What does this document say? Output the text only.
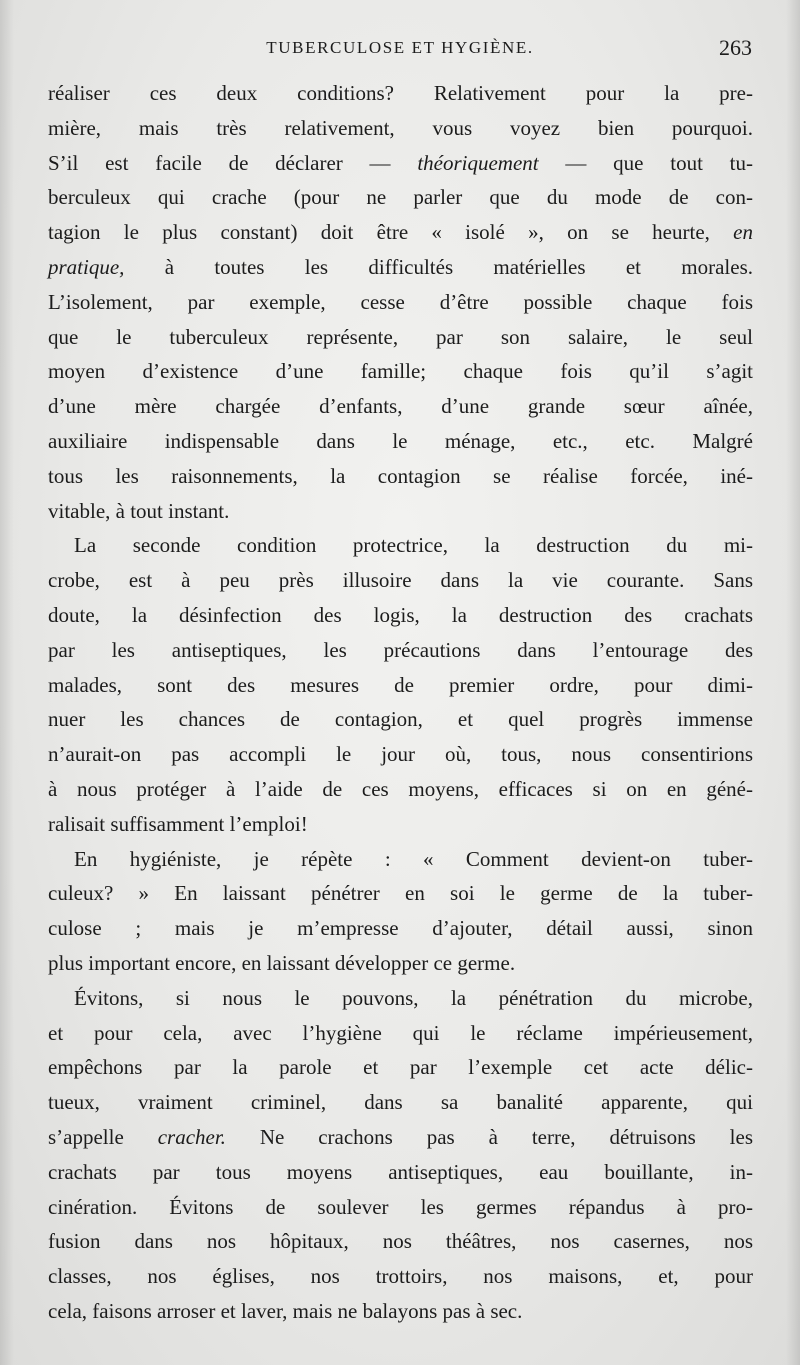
TUBERCULOSE ET HYGIÈNE.	263
réaliser ces deux conditions? Relativement pour la pre-
mière, mais très relativement, vous voyez bien pourquoi.
S’il est facile de déclarer — théoriquement — que tout tu-
berculeux qui crache (pour ne parler que du mode de con-
tagion le plus constant) doit être « isolé », on se heurte, en
pratique, à toutes les difficultés matérielles et morales.
L’isolement, par exemple, cesse d’être possible chaque fois
que le tuberculeux représente, par son salaire, le seul
moyen d’existence d’une famille; chaque fois qu’il s’agit
d’une mère chargée d’enfants, d’une grande sœur aînée,
auxiliaire indispensable dans le ménage, etc., etc. Malgré
tous les raisonnements, la contagion se réalise forcée, iné-
vitable, à tout instant.
La seconde condition protectrice, la destruction du mi-
crobe, est à peu près illusoire dans la vie courante. Sans
doute, la désinfection des logis, la destruction des crachats
par les antiseptiques, les précautions dans l’entourage des
malades, sont des mesures de premier ordre, pour dimi-
nuer les chances de contagion, et quel progrès immense
n’aurait-on pas accompli le jour où, tous, nous consentirions
à nous protéger à l’aide de ces moyens, efficaces si on en géné-
ralisait suffisamment l’emploi!
En hygiéniste, je répète : « Comment devient-on tuber-
culeux? » En laissant pénétrer en soi le germe de la tuber-
culose ; mais je m’empresse d’ajouter, détail aussi, sinon
plus important encore, en laissant développer ce germe.
Évitons, si nous le pouvons, la pénétration du microbe,
et pour cela, avec l’hygiène qui le réclame impérieusement,
empêchons par la parole et par l’exemple cet acte délic-
tueux, vraiment criminel, dans sa banalité apparente, qui
s’appelle cracher. Ne crachons pas à terre, détruisons les
crachats par tous moyens antiseptiques, eau bouillante, in-
cinération. Évitons de soulever les germes répandus à pro-
fusion dans nos hôpitaux, nos théâtres, nos casernes, nos
classes, nos églises, nos trottoirs, nos maisons, et, pour
cela, faisons arroser et laver, mais ne balayons pas à sec.
